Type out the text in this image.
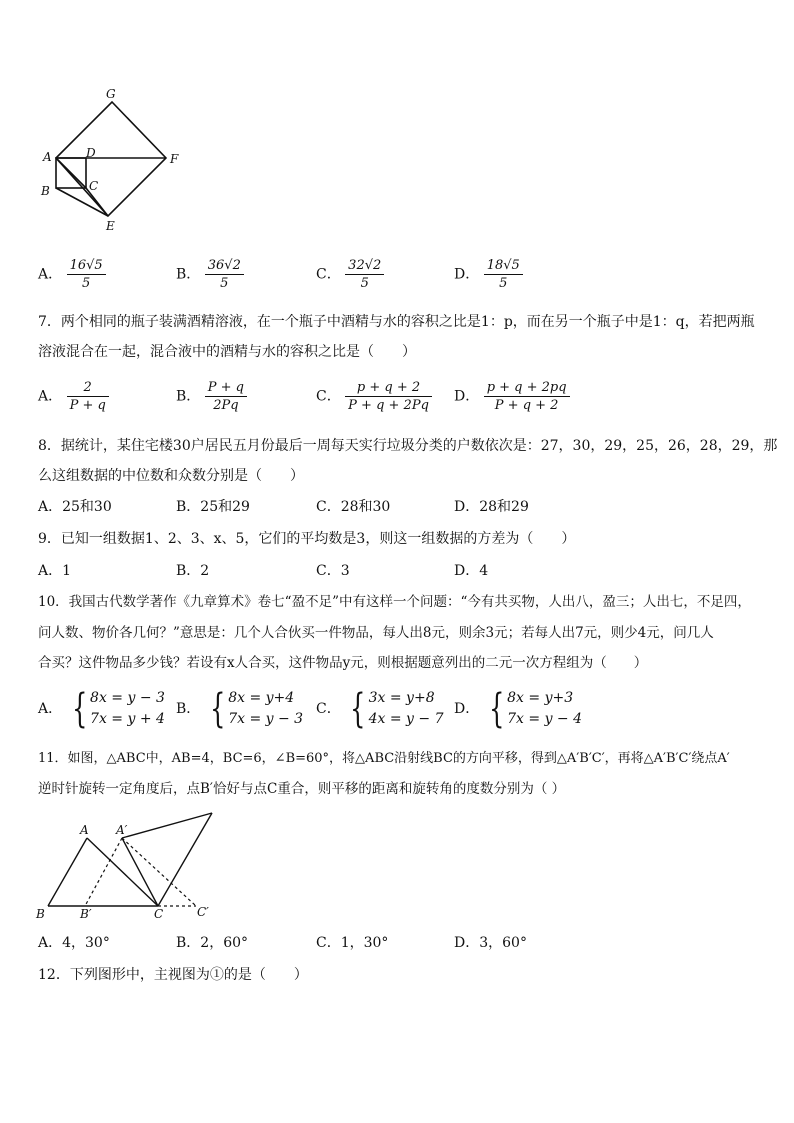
G
A	D	F
B	C
E
A． $\frac{16√5}{5}$	B． $\frac{36√2}{5}$	C． $\frac{32√2}{5}$	D． $\frac{18√5}{5}$
7．两个相同的瓶子装满酒精溶液，在一个瓶子中酒精与水的容积之比是1：p，而在另一个瓶子中是1：q，若把两瓶
溶液混合在一起，混合液中的酒精与水的容积之比是（　　）
A． $\frac{2}{P + q}$	B． $\frac{P + q}{2Pq}$	C． $\frac{p + q + 2}{P + q + 2Pq}$ D． $\frac{p + q + 2pq}{P + q + 2}$
8．据统计，某住宅楼30户居民五月份最后一周每天实行垃圾分类的户数依次是：27，30，29，25，26，28，29，那
么这组数据的中位数和众数分别是（　　）
A．25和30	B．25和29	C．28和30	D．28和29
9．已知一组数据1、2、3、x、5，它们的平均数是3，则这一组数据的方差为（　　）
A．1	B．2	C．3	D．4
10．我国古代数学著作《九章算术》卷七“盈不足”中有这样一个问题：“今有共买物，人出八，盈三；人出七，不足四，
问人数、物价各几何？”意思是：几个人合伙买一件物品，每人出8元，则余3元；若每人出7元，则少4元，问几人
合买？这件物品多少钱？若设有x人合买，这件物品y元，则根据题意列出的二元一次方程组为（　　）
A． { 8x = y − 3
7x = y + 4
B． { 8x = y+4
7x = y − 3
C． { 3x = y+8
4x = y − 7
D． { 8x = y+3
7x = y − 4
11．如图，△ABC中，AB=4，BC=6，∠B=60°，将△ABC沿射线BC的方向平移，得到△A′B′C′，再将△A′B′C′绕点A′
逆时针旋转一定角度后，点B′恰好与点C重合，则平移的距离和旋转角的度数分别为（ ）
A A′
B	B′	C	C′
A．4，30°	B．2，60°	C．1，30°	D．3，60°
12．下列图形中，主视图为①的是（　　）
